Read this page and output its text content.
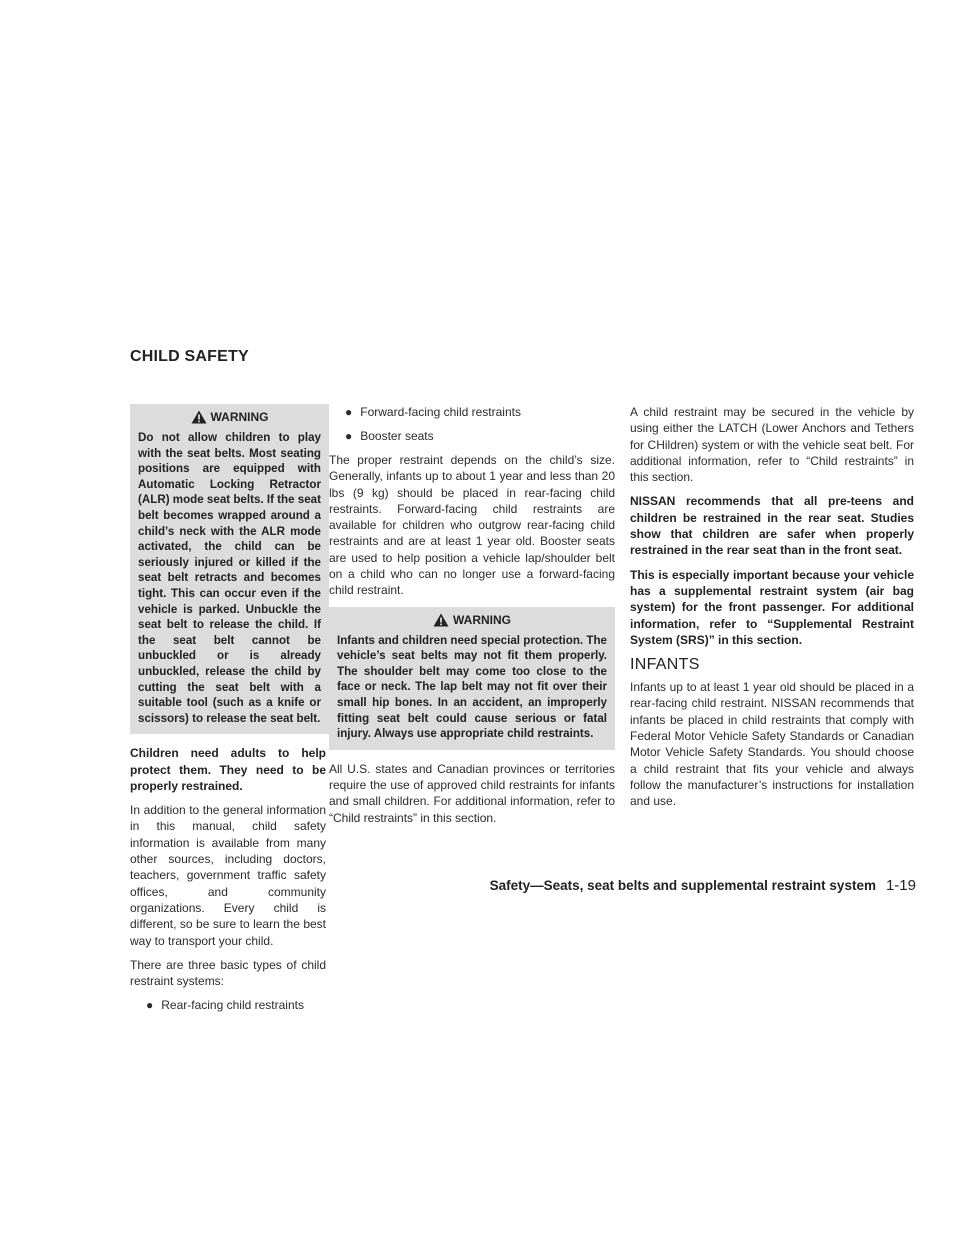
CHILD SAFETY
WARNING
Do not allow children to play with the seat belts. Most seating positions are equipped with Automatic Locking Retractor (ALR) mode seat belts. If the seat belt becomes wrapped around a child’s neck with the ALR mode activated, the child can be seriously injured or killed if the seat belt retracts and becomes tight. This can occur even if the vehicle is parked. Unbuckle the seat belt to release the child. If the seat belt cannot be unbuckled or is already unbuckled, release the child by cutting the seat belt with a suitable tool (such as a knife or scissors) to release the seat belt.

Children need adults to help protect them. They need to be properly restrained.

In addition to the general information in this manual, child safety information is available from many other sources, including doctors, teachers, government traffic safety offices, and community organizations. Every child is different, so be sure to learn the best way to transport your child.

There are three basic types of child restraint systems:

● Rear-facing child restraints
● Forward-facing child restraints
● Booster seats

The proper restraint depends on the child’s size. Generally, infants up to about 1 year and less than 20 lbs (9 kg) should be placed in rear-facing child restraints. Forward-facing child restraints are available for children who outgrow rear-facing child restraints and are at least 1 year old. Booster seats are used to help position a vehicle lap/shoulder belt on a child who can no longer use a forward-facing child restraint.

WARNING
Infants and children need special protection. The vehicle’s seat belts may not fit them properly. The shoulder belt may come too close to the face or neck. The lap belt may not fit over their small hip bones. In an accident, an improperly fitting seat belt could cause serious or fatal injury. Always use appropriate child restraints.

All U.S. states and Canadian provinces or territories require the use of approved child restraints for infants and small children. For additional information, refer to “Child restraints” in this section.

A child restraint may be secured in the vehicle by using either the LATCH (Lower Anchors and Tethers for CHildren) system or with the vehicle seat belt. For additional information, refer to “Child restraints” in this section.

NISSAN recommends that all pre-teens and children be restrained in the rear seat. Studies show that children are safer when properly restrained in the rear seat than in the front seat.

This is especially important because your vehicle has a supplemental restraint system (air bag system) for the front passenger. For additional information, refer to “Supplemental Restraint System (SRS)” in this section.

INFANTS

Infants up to at least 1 year old should be placed in a rear-facing child restraint. NISSAN recommends that infants be placed in child restraints that comply with Federal Motor Vehicle Safety Standards or Canadian Motor Vehicle Safety Standards. You should choose a child restraint that fits your vehicle and always follow the manufacturer’s instructions for installation and use.

Safety—Seats, seat belts and supplemental restraint system 1-19
